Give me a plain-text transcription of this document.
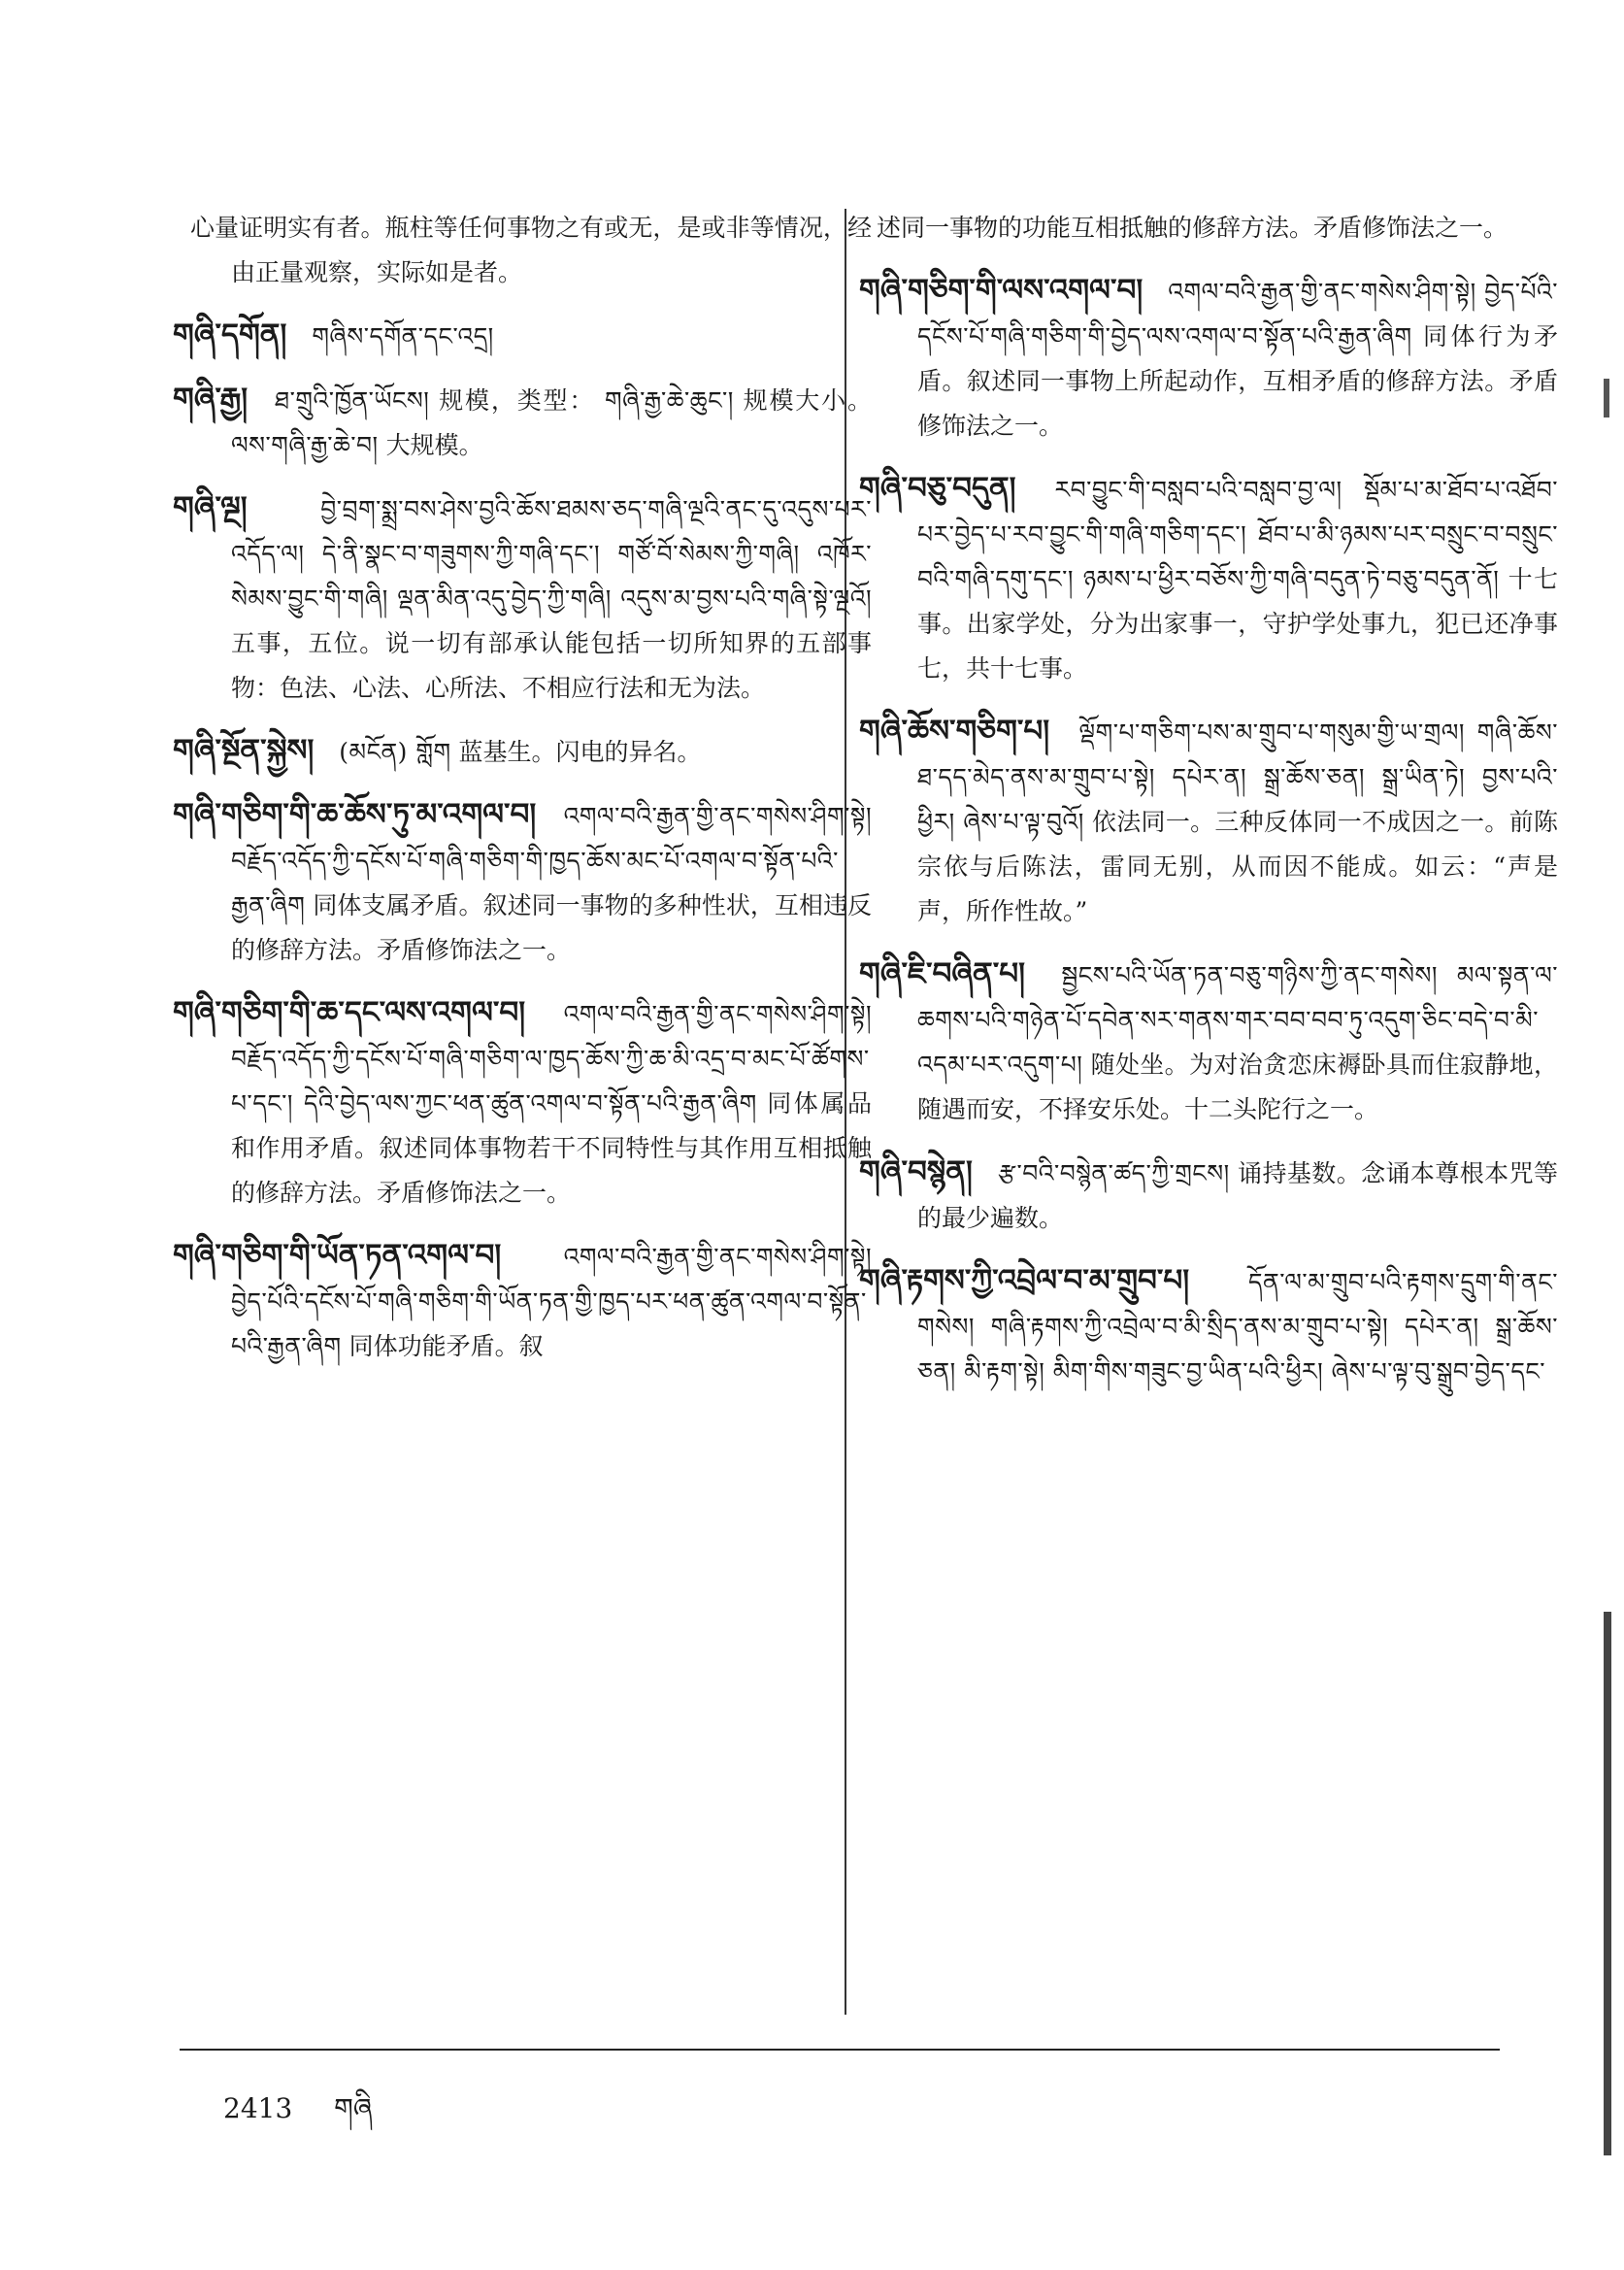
心量证明实有者。瓶柱等任何事物之有或无，是或非等情况，经由正量观察，实际如是者。

གཞི་དགོན། གཞིས་དགོན་དང་འདྲ།

གཞི་རྒྱ། ཐ་གྲུའི་ཁྱོན་ཡོངས། 规模，类型： གཞི་རྒྱ་ཆེ་ཆུང་། 规模大小。 ལས་གཞི་རྒྱ་ཆེ་བ། 大规模。

གཞི་ལྔ།	བྱེ་བྲག་སྨྲ་བས་ཤེས་བྱའི་ཆོས་ཐམས་ཅད་གཞི་ལྔའི་ནང་དུ་འདུས་པར་འདོད་ལ། དེ་ནི་སྣང་བ་གཟུགས་ཀྱི་གཞི་དང་། གཙོ་བོ་སེམས་ཀྱི་གཞི། འཁོར་སེམས་བྱུང་གི་གཞི། ལྡན་མིན་འདུ་བྱེད་ཀྱི་གཞི། འདུས་མ་བྱས་པའི་གཞི་སྟེ་ལྔའོ། 五事，五位。说一切有部承认能包括一切所知界的五部事物：色法、心法、心所法、不相应行法和无为法。

གཞི་སྔོན་སྐྱེས། (མངོན) གློག 蓝基生。闪电的异名。

གཞི་གཅིག་གི་ཆ་ཆོས་ཏུ་མ་འགལ་བ། འགལ་བའི་རྒྱན་གྱི་ནང་གསེས་ཤིག་སྟེ། བརྗོད་འདོད་ཀྱི་དངོས་པོ་གཞི་གཅིག་གི་ཁྱད་ཆོས་མང་པོ་འགལ་བ་སྟོན་པའི་རྒྱན་ཞིག 同体支属矛盾。叙述同一事物的多种性状，互相违反的修辞方法。矛盾修饰法之一。

གཞི་གཅིག་གི་ཆ་དང་ལས་འགལ་བ། འགལ་བའི་རྒྱན་གྱི་ནང་གསེས་ཤིག་སྟེ། བརྗོད་འདོད་ཀྱི་དངོས་པོ་གཞི་གཅིག་ལ་ཁྱད་ཆོས་ཀྱི་ཆ་མི་འདྲ་བ་མང་པོ་ཚོགས་པ་དང་། དེའི་བྱེད་ལས་ཀྱང་ཕན་ཚུན་འགལ་བ་སྟོན་པའི་རྒྱན་ཞིག 同体属品和作用矛盾。叙述同体事物若干不同特性与其作用互相抵触的修辞方法。矛盾修饰法之一。

གཞི་གཅིག་གི་ཡོན་ཏན་འགལ་བ།	འགལ་བའི་རྒྱན་གྱི་ནང་གསེས་ཤིག་སྟེ། བྱེད་པོའི་དངོས་པོ་གཞི་གཅིག་གི་ཡོན་ཏན་གྱི་ཁྱད་པར་ཕན་ཚུན་འགལ་བ་སྟོན་པའི་རྒྱན་ཞིག 同体功能矛盾。叙

述同一事物的功能互相抵触的修辞方法。矛盾修饰法之一。

གཞི་གཅིག་གི་ལས་འགལ་བ། འགལ་བའི་རྒྱན་གྱི་ནང་གསེས་ཤིག་སྟེ། བྱེད་པོའི་དངོས་པོ་གཞི་གཅིག་གི་བྱེད་ལས་འགལ་བ་སྟོན་པའི་རྒྱན་ཞིག 同体行为矛盾。叙述同一事物上所起动作，互相矛盾的修辞方法。矛盾修饰法之一。

གཞི་བཅུ་བདུན། རབ་བྱུང་གི་བསླབ་པའི་བསླབ་བྱ་ལ། སྡོམ་པ་མ་ཐོབ་པ་འཐོབ་པར་བྱེད་པ་རབ་བྱུང་གི་གཞི་གཅིག་དང་། ཐོབ་པ་མི་ཉམས་པར་བསྲུང་བ་བསྲུང་བའི་གཞི་དགུ་དང་། ཉམས་པ་ཕྱིར་བཅོས་ཀྱི་གཞི་བདུན་ཏེ་བཅུ་བདུན་ནོ། 十七事。出家学处，分为出家事一，守护学处事九，犯已还净事七，共十七事。

གཞི་ཆོས་གཅིག་པ། ལྡོག་པ་གཅིག་པས་མ་གྲུབ་པ་གསུམ་གྱི་ཡ་གྲལ། གཞི་ཆོས་ཐ་དད་མེད་ནས་མ་གྲུབ་པ་སྟེ། དཔེར་ན། སྒྲ་ཆོས་ཅན། སྒྲ་ཡིན་ཏེ། བྱས་པའི་ཕྱིར། ཞེས་པ་ལྟ་བུའོ། 依法同一。三种反体同一不成因之一。前陈宗依与后陈法，雷同无别，从而因不能成。如云：“声是声，所作性故。”

གཞི་ཇི་བཞིན་པ། སྦྱངས་པའི་ཡོན་ཏན་བཅུ་གཉིས་ཀྱི་ནང་གསེས། མལ་སྟན་ལ་ཆགས་པའི་གཉེན་པོ་དབེན་སར་གནས་གར་བབ་བབ་ཏུ་འདུག་ཅིང་བདེ་བ་མི་འདམ་པར་འདུག་པ། 随处坐。为对治贪恋床褥卧具而住寂静地，随遇而安，不择安乐处。十二头陀行之一。

གཞི་བསྙེན། རྩ་བའི་བསྙེན་ཚད་ཀྱི་གྲངས། 诵持基数。念诵本尊根本咒等的最少遍数。

གཞི་རྟགས་ཀྱི་འབྲེལ་བ་མ་གྲུབ་པ། དོན་ལ་མ་གྲུབ་པའི་རྟགས་དྲུག་གི་ནང་གསེས། གཞི་རྟགས་ཀྱི་འབྲེལ་བ་མི་སྲིད་ནས་མ་གྲུབ་པ་སྟེ། དཔེར་ན། སྒྲ་ཆོས་ཅན། མི་རྟག་སྟེ། མིག་གིས་གཟུང་བྱ་ཡིན་པའི་ཕྱིར། ཞེས་པ་ལྟ་བུ་སྒྲུབ་བྱེད་དང་

2413 གཞི
